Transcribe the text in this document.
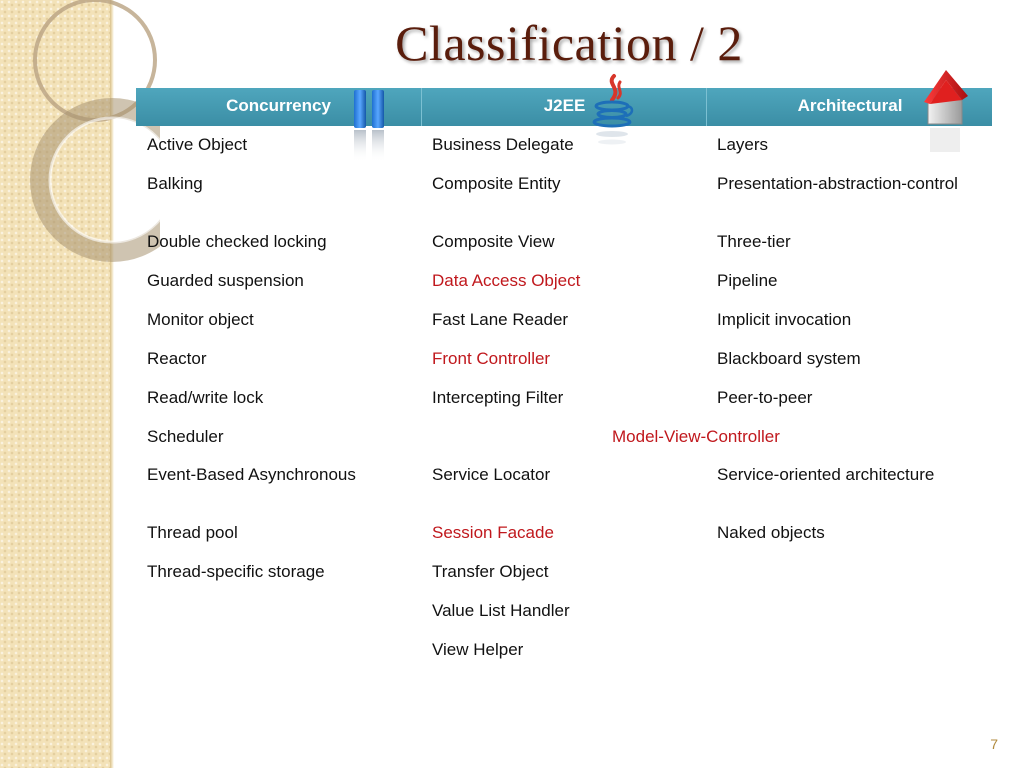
Classification / 2
Concurrency	J2EE	Architectural
Active Object
Balking
Double checked locking
Guarded suspension
Monitor object
Reactor
Read/write lock
Scheduler
Event-Based Asynchronous
Thread pool
Thread-specific storage
Business Delegate
Composite Entity
Composite View
Data Access Object
Fast Lane Reader
Front Controller
Intercepting Filter
Service Locator
Session Facade
Transfer Object
Value List Handler
View Helper
Model-View-Controller
Layers
Presentation-abstraction-control
Three-tier
Pipeline
Implicit invocation
Blackboard system
Peer-to-peer
Service-oriented architecture
Naked objects
7
